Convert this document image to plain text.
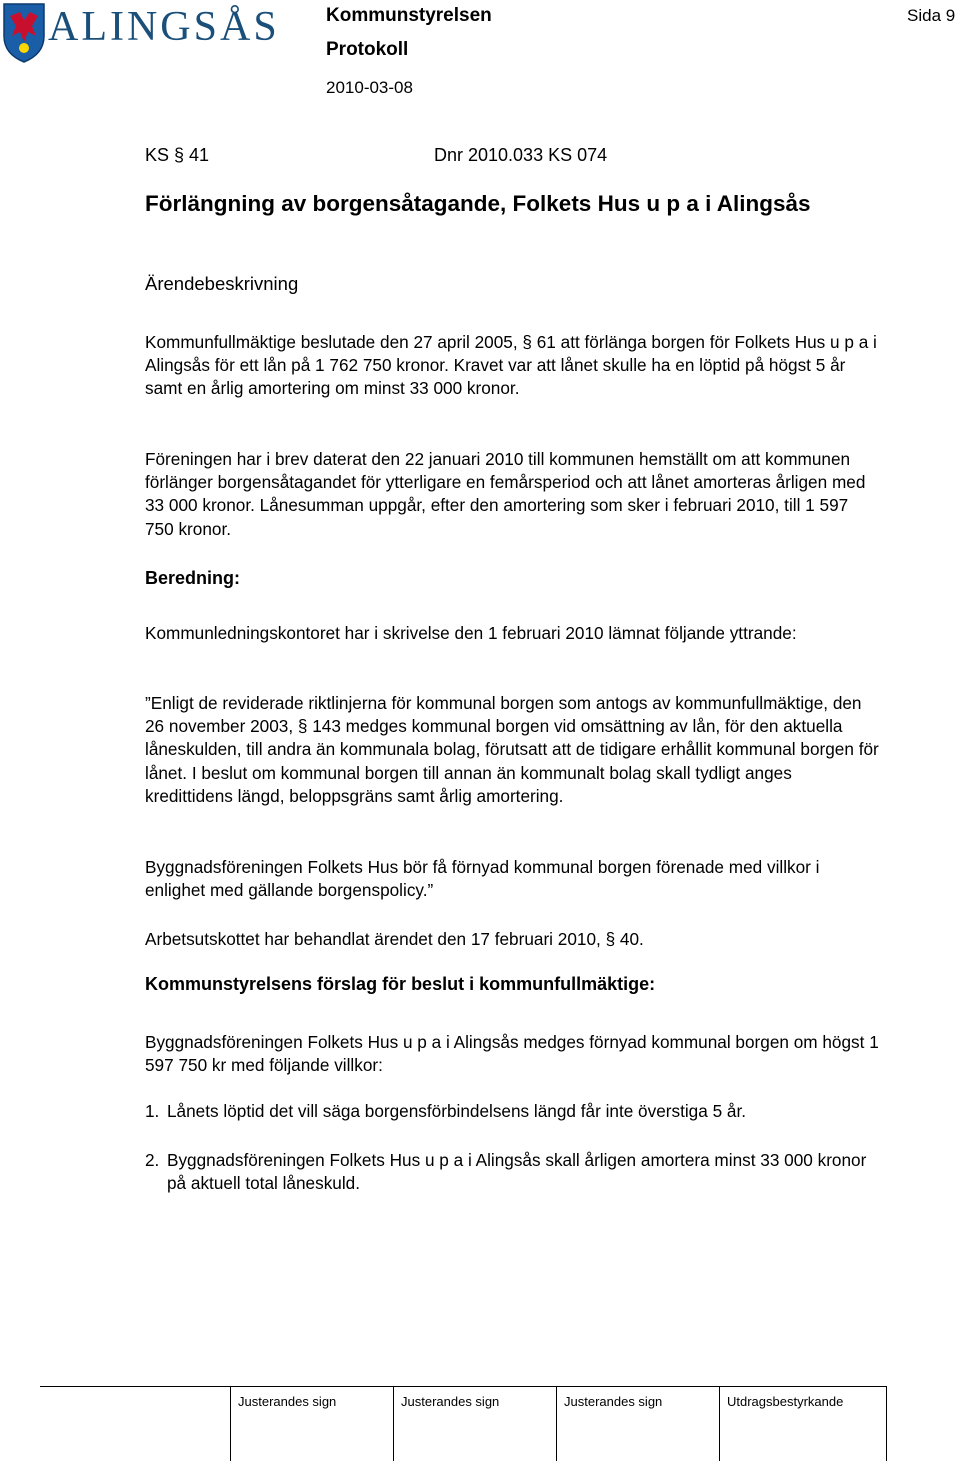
ALINGSÅS Kommunstyrelsen
Protokoll
2010-03-08
Sida 9
KS § 41	Dnr 2010.033 KS 074
Förlängning av borgensåtagande, Folkets Hus u p a i Alingsås
Ärendebeskrivning

Kommunfullmäktige beslutade den 27 april 2005, § 61 att förlänga borgen för Folkets Hus u p a i Alingsås för ett lån på 1 762 750 kronor. Kravet var att lånet skulle ha en löptid på högst 5 år samt en årlig amortering om minst 33 000 kronor.

Föreningen har i brev daterat den 22 januari 2010 till kommunen hemställt om att kommunen förlänger borgensåtagandet för ytterligare en femårsperiod och att lånet amorteras årligen med 33 000 kronor. Lånesumman uppgår, efter den amortering som sker i februari 2010, till 1 597 750 kronor.

Beredning:

Kommunledningskontoret har i skrivelse den 1 februari 2010 lämnat följande yttrande:

”Enligt de reviderade riktlinjerna för kommunal borgen som antogs av kommunfullmäktige, den 26 november 2003, § 143 medges kommunal borgen vid omsättning av lån, för den aktuella låneskulden, till andra än kommunala bolag, förutsatt att de tidigare erhållit kommunal borgen för lånet. I beslut om kommunal borgen till annan än kommunalt bolag skall tydligt anges kredittidens längd, beloppsgräns samt årlig amortering.

Byggnadsföreningen Folkets Hus bör få förnyad kommunal borgen förenade med villkor i enlighet med gällande borgenspolicy.”

Arbetsutskottet har behandlat ärendet den 17 februari 2010, § 40.

Kommunstyrelsens förslag för beslut i kommunfullmäktige:

Byggnadsföreningen Folkets Hus u p a i Alingsås medges förnyad kommunal borgen om högst 1 597 750 kr med följande villkor:

1. Lånets löptid det vill säga borgensförbindelsens längd får inte överstiga 5 år.
2. Byggnadsföreningen Folkets Hus u p a i Alingsås skall årligen amortera minst 33 000 kronor på aktuell total låneskuld.
Justerandes sign	Justerandes sign	Justerandes sign	Utdragsbestyrkande
